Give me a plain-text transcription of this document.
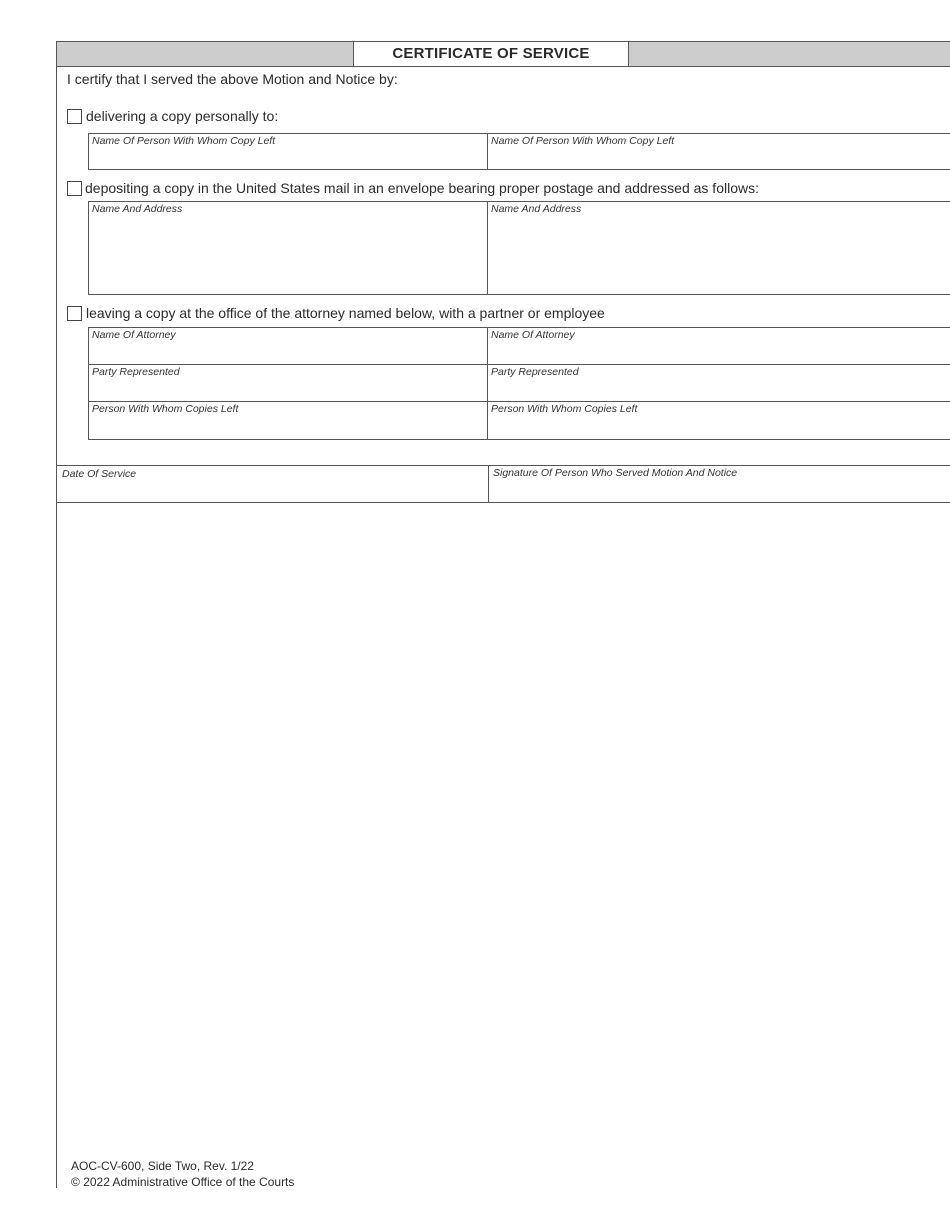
CERTIFICATE OF SERVICE
I certify that I served the above Motion and Notice by:
delivering a copy personally to:
Name Of Person With Whom Copy Left	Name Of Person With Whom Copy Left
depositing a copy in the United States mail in an envelope bearing proper postage and addressed as follows:
Name And Address	Name And Address
leaving a copy at the office of the attorney named below, with a partner or employee
Name Of Attorney	Name Of Attorney
Party Represented	Party Represented
Person With Whom Copies Left	Person With Whom Copies Left
Date Of Service	Signature Of Person Who Served Motion And Notice
AOC-CV-600, Side Two, Rev. 1/22
© 2022 Administrative Office of the Courts
